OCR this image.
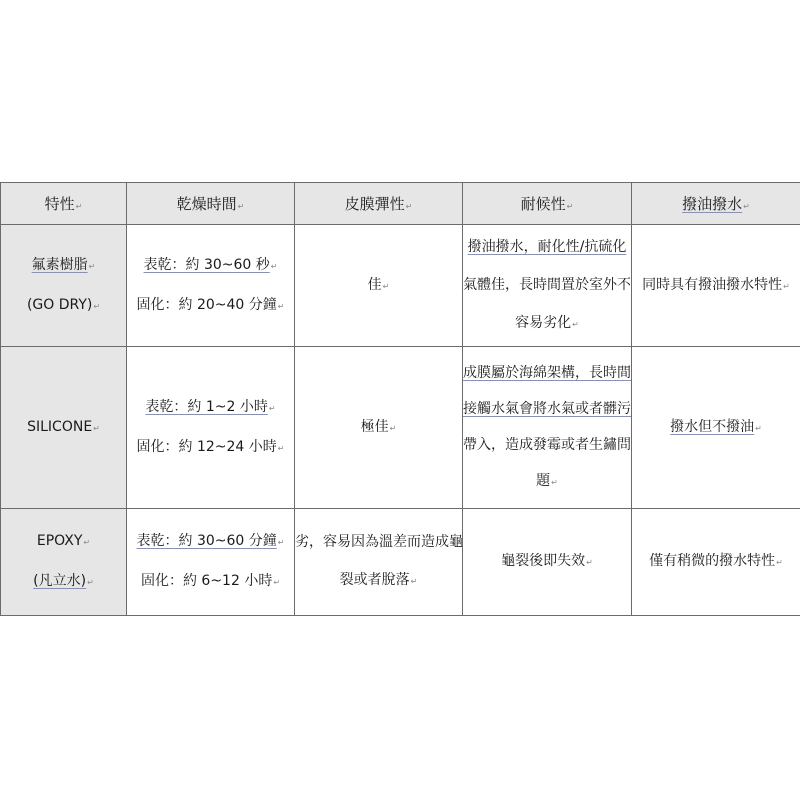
特性↵	乾燥時間↵	皮膜彈性↵	耐候性↵	撥油撥水↵

氟素樹脂↵
(GO DRY)↵	表乾：約 30~60 秒↵
固化：約 20~40 分鐘↵	佳↵	撥油撥水，耐化性/抗硫化
氣體佳，長時間置於室外不
容易劣化↵	同時具有撥油撥水特性↵

SILICONE↵	表乾：約 1~2 小時↵
固化：約 12~24 小時↵	極佳↵	成膜屬於海綿架構，長時間
接觸水氣會將水氣或者髒污
帶入，造成發霉或者生鏽問
題↵	撥水但不撥油↵

EPOXY↵
(凡立水)↵	表乾：約 30~60 分鐘↵
固化：約 6~12 小時↵	劣，容易因為溫差而造成龜
裂或者脫落↵	龜裂後即失效↵	僅有稍微的撥水特性↵
